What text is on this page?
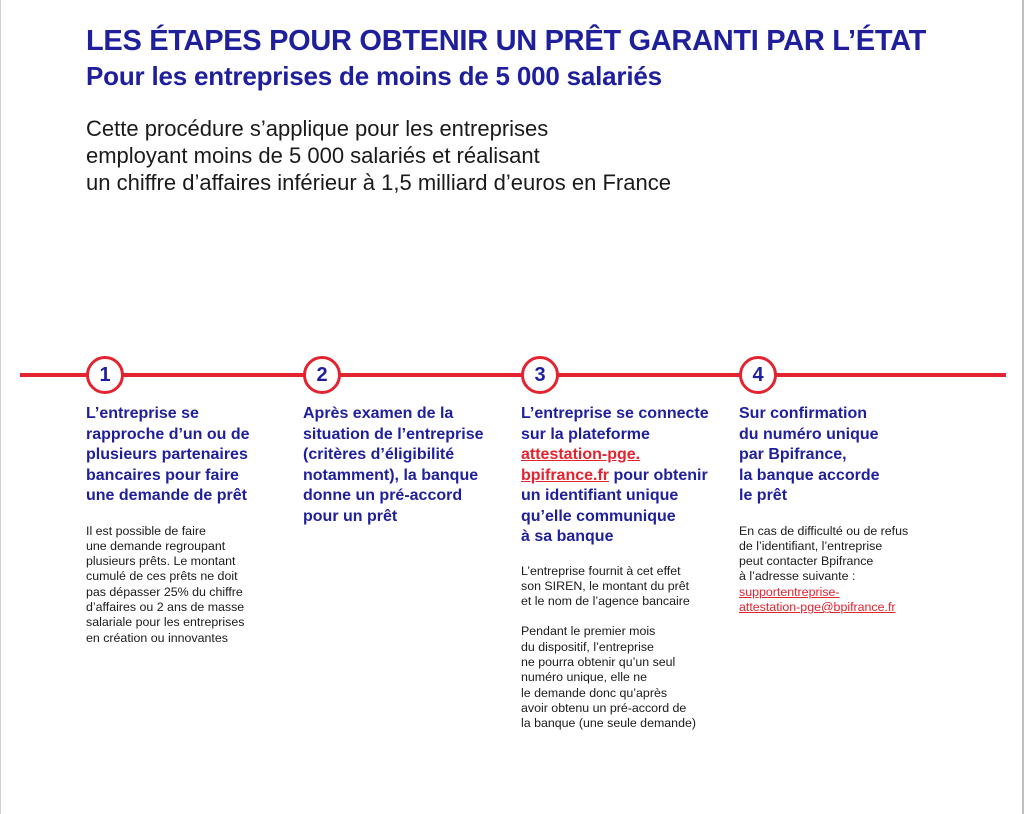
LES ÉTAPES POUR OBTENIR UN PRÊT GARANTI PAR L’ÉTAT
Pour les entreprises de moins de 5 000 salariés

Cette procédure s’applique pour les entreprises
employant moins de 5 000 salariés et réalisant
un chiffre d’affaires inférieur à 1,5 milliard d’euros en France

1	2	3	4
L’entreprise se
rapproche d’un ou de
plusieurs partenaires
bancaires pour faire
une demande de prêt
Il est possible de faire
une demande regroupant
plusieurs prêts. Le montant
cumulé de ces prêts ne doit
pas dépasser 25% du chiffre
d’affaires ou 2 ans de masse
salariale pour les entreprises
en création ou innovantes
Après examen de la
situation de l’entreprise
(critères d’éligibilité
notamment), la banque
donne un pré-accord
pour un prêt
L’entreprise se connecte
sur la plateforme
attestation-pge.
bpifrance.fr pour obtenir
un identifiant unique
qu’elle communique
à sa banque
L’entreprise fournit à cet effet
son SIREN, le montant du prêt
et le nom de l’agence bancaire
Pendant le premier mois
du dispositif, l’entreprise
ne pourra obtenir qu’un seul
numéro unique, elle ne
le demande donc qu’après
avoir obtenu un pré-accord de
la banque (une seule demande)
Sur confirmation
du numéro unique
par Bpifrance,
la banque accorde
le prêt
En cas de difficulté ou de refus
de l’identifiant, l’entreprise
peut contacter Bpifrance
à l’adresse suivante :
supportentreprise-
attestation-pge@bpifrance.fr
